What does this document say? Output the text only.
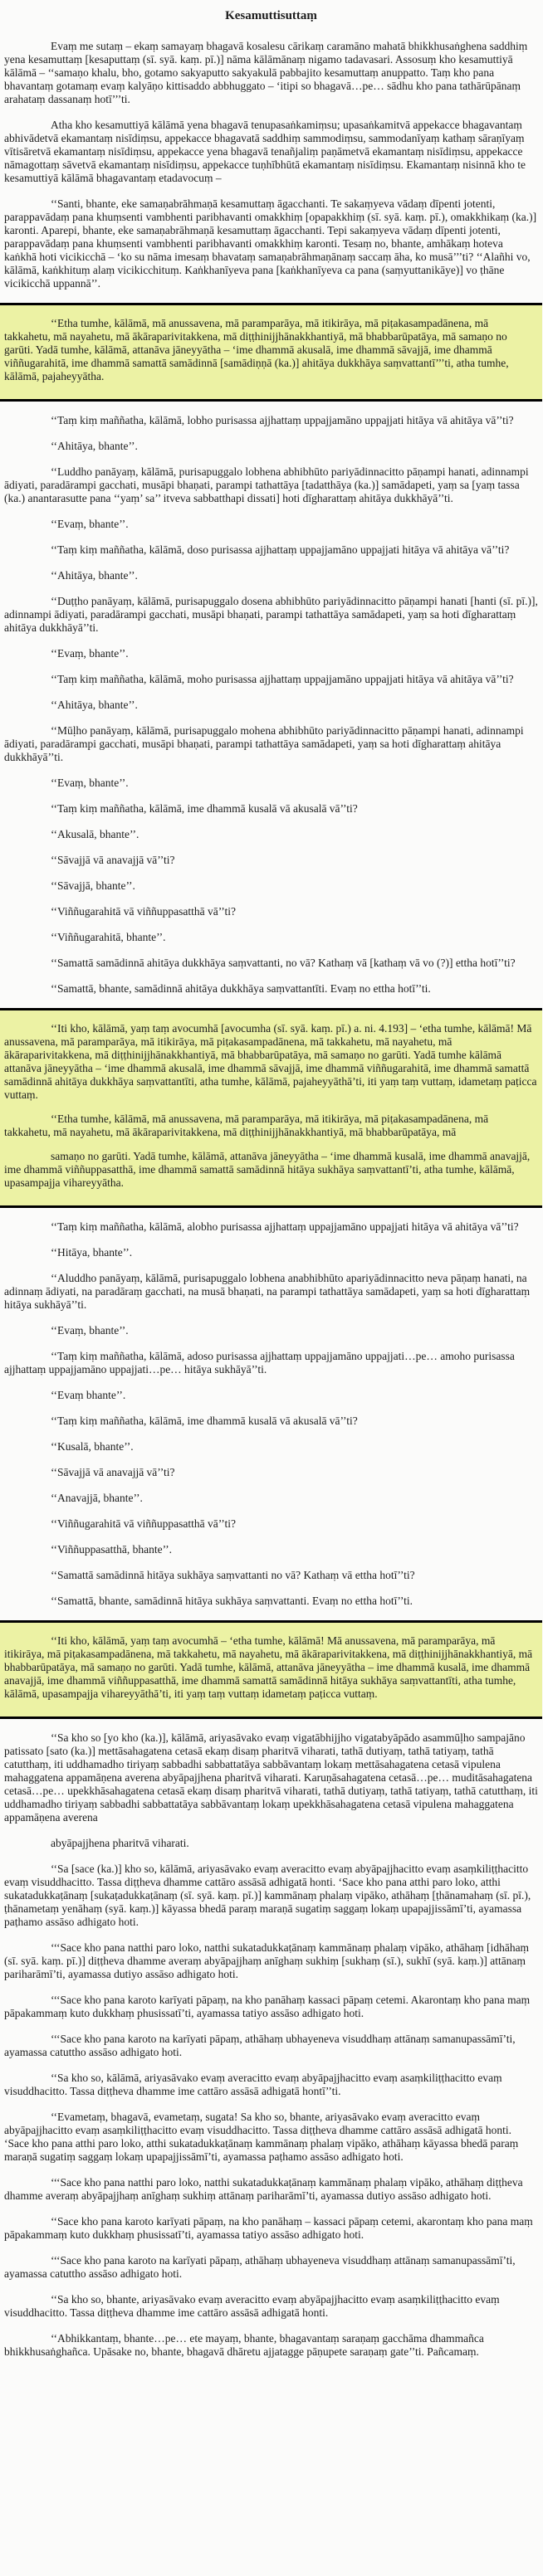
Kesamuttisuttaṃ

Evaṃ me sutaṃ – ekaṃ samayaṃ bhagavā kosalesu cārikaṃ caramāno mahatā bhikkhusaṅghena saddhiṃ yena kesamuttaṃ [kesaputtaṃ (sī. syā. kaṃ. pī.)] nāma kālāmānaṃ nigamo tadavasari. Assosuṃ kho kesamuttiyā kālāmā – ‘‘samaṇo khalu, bho, gotamo sakyaputto sakyakulā pabbajito kesamuttaṃ anuppatto. Taṃ kho pana bhavantaṃ gotamaṃ evaṃ kalyāṇo kittisaddo abbhuggato – ‘itipi so bhagavā…pe… sādhu kho pana tathārūpānaṃ arahataṃ dassanaṃ hotī’’’ti.

Atha kho kesamuttiyā kālāmā yena bhagavā tenupasaṅkamiṃsu; upasaṅkamitvā appekacce bhagavantaṃ abhivādetvā ekamantaṃ nisīdiṃsu, appekacce bhagavatā saddhiṃ sammodiṃsu, sammodanīyaṃ kathaṃ sāraṇīyaṃ vītisāretvā ekamantaṃ nisīdiṃsu, appekacce yena bhagavā tenañjaliṃ paṇāmetvā ekamantaṃ nisīdiṃsu, appekacce nāmagottaṃ sāvetvā ekamantaṃ nisīdiṃsu, appekacce tuṇhībhūtā ekamantaṃ nisīdiṃsu. Ekamantaṃ nisinnā kho te kesamuttiyā kālāmā bhagavantaṃ etadavocuṃ –

‘‘Santi, bhante, eke samaṇabrāhmaṇā kesamuttaṃ āgacchanti. Te sakaṃyeva vādaṃ dīpenti jotenti, parappavādaṃ pana khuṃsenti vambhenti paribhavanti omakkhiṃ [opapakkhiṃ (sī. syā. kaṃ. pī.), omakkhikaṃ (ka.)] karonti. Aparepi, bhante, eke samaṇabrāhmaṇā kesamuttaṃ āgacchanti. Tepi sakaṃyeva vādaṃ dīpenti jotenti, parappavādaṃ pana khuṃsenti vambhenti paribhavanti omakkhiṃ karonti. Tesaṃ no, bhante, amhākaṃ hoteva kaṅkhā hoti vicikicchā – ‘ko su nāma imesaṃ bhavataṃ samaṇabrāhmaṇānaṃ saccaṃ āha, ko musā’’’ti? ‘‘Alañhi vo, kālāmā, kaṅkhituṃ alaṃ vicikicchituṃ. Kaṅkhanīyeva pana [kaṅkhanīyeva ca pana (saṃyuttanikāye)] vo ṭhāne vicikicchā uppannā’’.

‘‘Etha tumhe, kālāmā, mā anussavena, mā paramparāya, mā itikirāya, mā piṭakasampadānena, mā takkahetu, mā nayahetu, mā ākāraparivitakkena, mā diṭṭhinijjhānakkhantiyā, mā bhabbarūpatāya, mā samaṇo no garūti. Yadā tumhe, kālāmā, attanāva jāneyyātha – ‘ime dhammā akusalā, ime dhammā sāvajjā, ime dhammā viññugarahitā, ime dhammā samattā samādinnā [samādiṇṇā (ka.)] ahitāya dukkhāya saṃvattantī’’’ti, atha tumhe, kālāmā, pajaheyyātha.

‘‘Taṃ kiṃ maññatha, kālāmā, lobho purisassa ajjhattaṃ uppajjamāno uppajjati hitāya vā ahitāya vā’’ti?

‘‘Ahitāya, bhante’’.

‘‘Luddho panāyaṃ, kālāmā, purisapuggalo lobhena abhibhūto pariyādinnacitto pāṇampi hanati, adinnampi ādiyati, paradārampi gacchati, musāpi bhaṇati, parampi tathattāya [tadatthāya (ka.)] samādapeti, yaṃ sa [yaṃ tassa (ka.) anantarasutte pana ‘‘yaṃ’ sa’’ itveva sabbatthapi dissati] hoti dīgharattaṃ ahitāya dukkhāyā’’ti.

‘‘Evaṃ, bhante’’.

‘‘Taṃ kiṃ maññatha, kālāmā, doso purisassa ajjhattaṃ uppajjamāno uppajjati hitāya vā ahitāya vā’’ti?

‘‘Ahitāya, bhante’’.

‘‘Duṭṭho panāyaṃ, kālāmā, purisapuggalo dosena abhibhūto pariyādinnacitto pāṇampi hanati [hanti (sī. pī.)], adinnampi ādiyati, paradārampi gacchati, musāpi bhaṇati, parampi tathattāya samādapeti, yaṃ sa hoti dīgharattaṃ ahitāya dukkhāyā’’ti.

‘‘Evaṃ, bhante’’.

‘‘Taṃ kiṃ maññatha, kālāmā, moho purisassa ajjhattaṃ uppajjamāno uppajjati hitāya vā ahitāya vā’’ti?

‘‘Ahitāya, bhante’’.

‘‘Mūḷho panāyaṃ, kālāmā, purisapuggalo mohena abhibhūto pariyādinnacitto pāṇampi hanati, adinnampi ādiyati, paradārampi gacchati, musāpi bhaṇati, parampi tathattāya samādapeti, yaṃ sa hoti dīgharattaṃ ahitāya dukkhāyā’’ti.

‘‘Evaṃ, bhante’’.

‘‘Taṃ kiṃ maññatha, kālāmā, ime dhammā kusalā vā akusalā vā’’ti?

‘‘Akusalā, bhante’’.

‘‘Sāvajjā vā anavajjā vā’’ti?

‘‘Sāvajjā, bhante’’.

‘‘Viññugarahitā vā viññuppasatthā vā’’ti?

‘‘Viññugarahitā, bhante’’.

‘‘Samattā samādinnā ahitāya dukkhāya saṃvattanti, no vā? Kathaṃ vā [kathaṃ vā vo (?)] ettha hotī’’ti?

‘‘Samattā, bhante, samādinnā ahitāya dukkhāya saṃvattantīti. Evaṃ no ettha hotī’’ti.

‘‘Iti kho, kālāmā, yaṃ taṃ avocumhā [avocumha (sī. syā. kaṃ. pī.) a. ni. 4.193] – ‘etha tumhe, kālāmā! Mā anussavena, mā paramparāya, mā itikirāya, mā piṭakasampadānena, mā takkahetu, mā nayahetu, mā ākāraparivitakkena, mā diṭṭhinijjhānakkhantiyā, mā bhabbarūpatāya, mā samaṇo no garūti. Yadā tumhe kālāmā attanāva jāneyyātha – ‘ime dhammā akusalā, ime dhammā sāvajjā, ime dhammā viññugarahitā, ime dhammā samattā samādinnā ahitāya dukkhāya saṃvattantīti, atha tumhe, kālāmā, pajaheyyāthā’ti, iti yaṃ taṃ vuttaṃ, idametaṃ paṭicca vuttaṃ.

‘‘Etha tumhe, kālāmā, mā anussavena, mā paramparāya, mā itikirāya, mā piṭakasampadānena, mā takkahetu, mā nayahetu, mā ākāraparivitakkena, mā diṭṭhinijjhānakkhantiyā, mā bhabbarūpatāya, mā

samaṇo no garūti. Yadā tumhe, kālāmā, attanāva jāneyyātha – ‘ime dhammā kusalā, ime dhammā anavajjā, ime dhammā viññuppasatthā, ime dhammā samattā samādinnā hitāya sukhāya saṃvattantī’ti, atha tumhe, kālāmā, upasampajja vihareyyātha.

‘‘Taṃ kiṃ maññatha, kālāmā, alobho purisassa ajjhattaṃ uppajjamāno uppajjati hitāya vā ahitāya vā’’ti?

‘‘Hitāya, bhante’’.

‘‘Aluddho panāyaṃ, kālāmā, purisapuggalo lobhena anabhibhūto apariyādinnacitto neva pāṇaṃ hanati, na adinnaṃ ādiyati, na paradāraṃ gacchati, na musā bhaṇati, na parampi tathattāya samādapeti, yaṃ sa hoti dīgharattaṃ hitāya sukhāyā’’ti.

‘‘Evaṃ, bhante’’.

‘‘Taṃ kiṃ maññatha, kālāmā, adoso purisassa ajjhattaṃ uppajjamāno uppajjati…pe… amoho purisassa ajjhattaṃ uppajjamāno uppajjati…pe… hitāya sukhāyā’’ti.

‘‘Evaṃ bhante’’.

‘‘Taṃ kiṃ maññatha, kālāmā, ime dhammā kusalā vā akusalā vā’’ti?

‘‘Kusalā, bhante’’.

‘‘Sāvajjā vā anavajjā vā’’ti?

‘‘Anavajjā, bhante’’.

‘‘Viññugarahitā vā viññuppasatthā vā’’ti?

‘‘Viññuppasatthā, bhante’’.

‘‘Samattā samādinnā hitāya sukhāya saṃvattanti no vā? Kathaṃ vā ettha hotī’’ti?

‘‘Samattā, bhante, samādinnā hitāya sukhāya saṃvattanti. Evaṃ no ettha hotī’’ti.

‘‘Iti kho, kālāmā, yaṃ taṃ avocumhā – ‘etha tumhe, kālāmā! Mā anussavena, mā paramparāya, mā itikirāya, mā piṭakasampadānena, mā takkahetu, mā nayahetu, mā ākāraparivitakkena, mā diṭṭhinijjhānakkhantiyā, mā bhabbarūpatāya, mā samaṇo no garūti. Yadā tumhe, kālāmā, attanāva jāneyyātha – ime dhammā kusalā, ime dhammā anavajjā, ime dhammā viññuppasatthā, ime dhammā samattā samādinnā hitāya sukhāya saṃvattantīti, atha tumhe, kālāmā, upasampajja vihareyyāthā’ti, iti yaṃ taṃ vuttaṃ idametaṃ paṭicca vuttaṃ.

‘‘Sa kho so [yo kho (ka.)], kālāmā, ariyasāvako evaṃ vigatābhijjho vigatabyāpādo asammūḷho sampajāno patissato [sato (ka.)] mettāsahagatena cetasā ekaṃ disaṃ pharitvā viharati, tathā dutiyaṃ, tathā tatiyaṃ, tathā catutthaṃ, iti uddhamadho tiriyaṃ sabbadhi sabbattatāya sabbāvantaṃ lokaṃ mettāsahagatena cetasā vipulena mahaggatena appamāṇena averena abyāpajjhena pharitvā viharati. Karuṇāsahagatena cetasā…pe… muditāsahagatena cetasā…pe… upekkhāsahagatena cetasā ekaṃ disaṃ pharitvā viharati, tathā dutiyaṃ, tathā tatiyaṃ, tathā catutthaṃ, iti uddhamadho tiriyaṃ sabbadhi sabbattatāya sabbāvantaṃ lokaṃ upekkhāsahagatena cetasā vipulena mahaggatena appamāṇena averena

abyāpajjhena pharitvā viharati.

‘‘Sa [sace (ka.)] kho so, kālāmā, ariyasāvako evaṃ averacitto evaṃ abyāpajjhacitto evaṃ asaṃkiliṭṭhacitto evaṃ visuddhacitto. Tassa diṭṭheva dhamme cattāro assāsā adhigatā honti. ‘Sace kho pana atthi paro loko, atthi sukatadukkaṭānaṃ [sukaṭadukkaṭānaṃ (sī. syā. kaṃ. pī.)] kammānaṃ phalaṃ vipāko, athāhaṃ [ṭhānamahaṃ (sī. pī.), ṭhānametaṃ yenāhaṃ (syā. kaṃ.)] kāyassa bhedā paraṃ maraṇā sugatiṃ saggaṃ lokaṃ upapajjissāmī’ti, ayamassa paṭhamo assāso adhigato hoti.

‘‘‘Sace kho pana natthi paro loko, natthi sukatadukkaṭānaṃ kammānaṃ phalaṃ vipāko, athāhaṃ [idhāhaṃ (sī. syā. kaṃ. pī.)] diṭṭheva dhamme averaṃ abyāpajjhaṃ anīghaṃ sukhiṃ [sukhaṃ (sī.), sukhī (syā. kaṃ.)] attānaṃ pariharāmī’ti, ayamassa dutiyo assāso adhigato hoti.

‘‘‘Sace kho pana karoto karīyati pāpaṃ, na kho panāhaṃ kassaci pāpaṃ cetemi. Akarontaṃ kho pana maṃ pāpakammaṃ kuto dukkhaṃ phusissatī’ti, ayamassa tatiyo assāso adhigato hoti.

‘‘‘Sace kho pana karoto na karīyati pāpaṃ, athāhaṃ ubhayeneva visuddhaṃ attānaṃ samanupassāmī’ti, ayamassa catuttho assāso adhigato hoti.

‘‘Sa kho so, kālāmā, ariyasāvako evaṃ averacitto evaṃ abyāpajjhacitto evaṃ asaṃkiliṭṭhacitto evaṃ visuddhacitto. Tassa diṭṭheva dhamme ime cattāro assāsā adhigatā hontī’’ti.

‘‘Evametaṃ, bhagavā, evametaṃ, sugata! Sa kho so, bhante, ariyasāvako evaṃ averacitto evaṃ abyāpajjhacitto evaṃ asaṃkiliṭṭhacitto evaṃ visuddhacitto. Tassa diṭṭheva dhamme cattāro assāsā adhigatā honti. ‘Sace kho pana atthi paro loko, atthi sukatadukkaṭānaṃ kammānaṃ phalaṃ vipāko, athāhaṃ kāyassa bhedā paraṃ maraṇā sugatiṃ saggaṃ lokaṃ upapajjissāmī’ti, ayamassa paṭhamo assāso adhigato hoti.

‘‘‘Sace kho pana natthi paro loko, natthi sukatadukkaṭānaṃ kammānaṃ phalaṃ vipāko, athāhaṃ diṭṭheva dhamme averaṃ abyāpajjhaṃ anīghaṃ sukhiṃ attānaṃ pariharāmī’ti, ayamassa dutiyo assāso adhigato hoti.

‘‘Sace kho pana karoto karīyati pāpaṃ, na kho panāhaṃ – kassaci pāpaṃ cetemi, akarontaṃ kho pana maṃ pāpakammaṃ kuto dukkhaṃ phusissatī’ti, ayamassa tatiyo assāso adhigato hoti.

‘‘‘Sace kho pana karoto na karīyati pāpaṃ, athāhaṃ ubhayeneva visuddhaṃ attānaṃ samanupassāmī’ti, ayamassa catuttho assāso adhigato hoti.

‘‘Sa kho so, bhante, ariyasāvako evaṃ averacitto evaṃ abyāpajjhacitto evaṃ asaṃkiliṭṭhacitto evaṃ visuddhacitto. Tassa diṭṭheva dhamme ime cattāro assāsā adhigatā honti.

‘‘Abhikkantaṃ, bhante…pe… ete mayaṃ, bhante, bhagavantaṃ saraṇaṃ gacchāma dhammañca bhikkhusaṅghañca. Upāsake no, bhante, bhagavā dhāretu ajjatagge pāṇupete saraṇaṃ gate’’ti. Pañcamaṃ.
